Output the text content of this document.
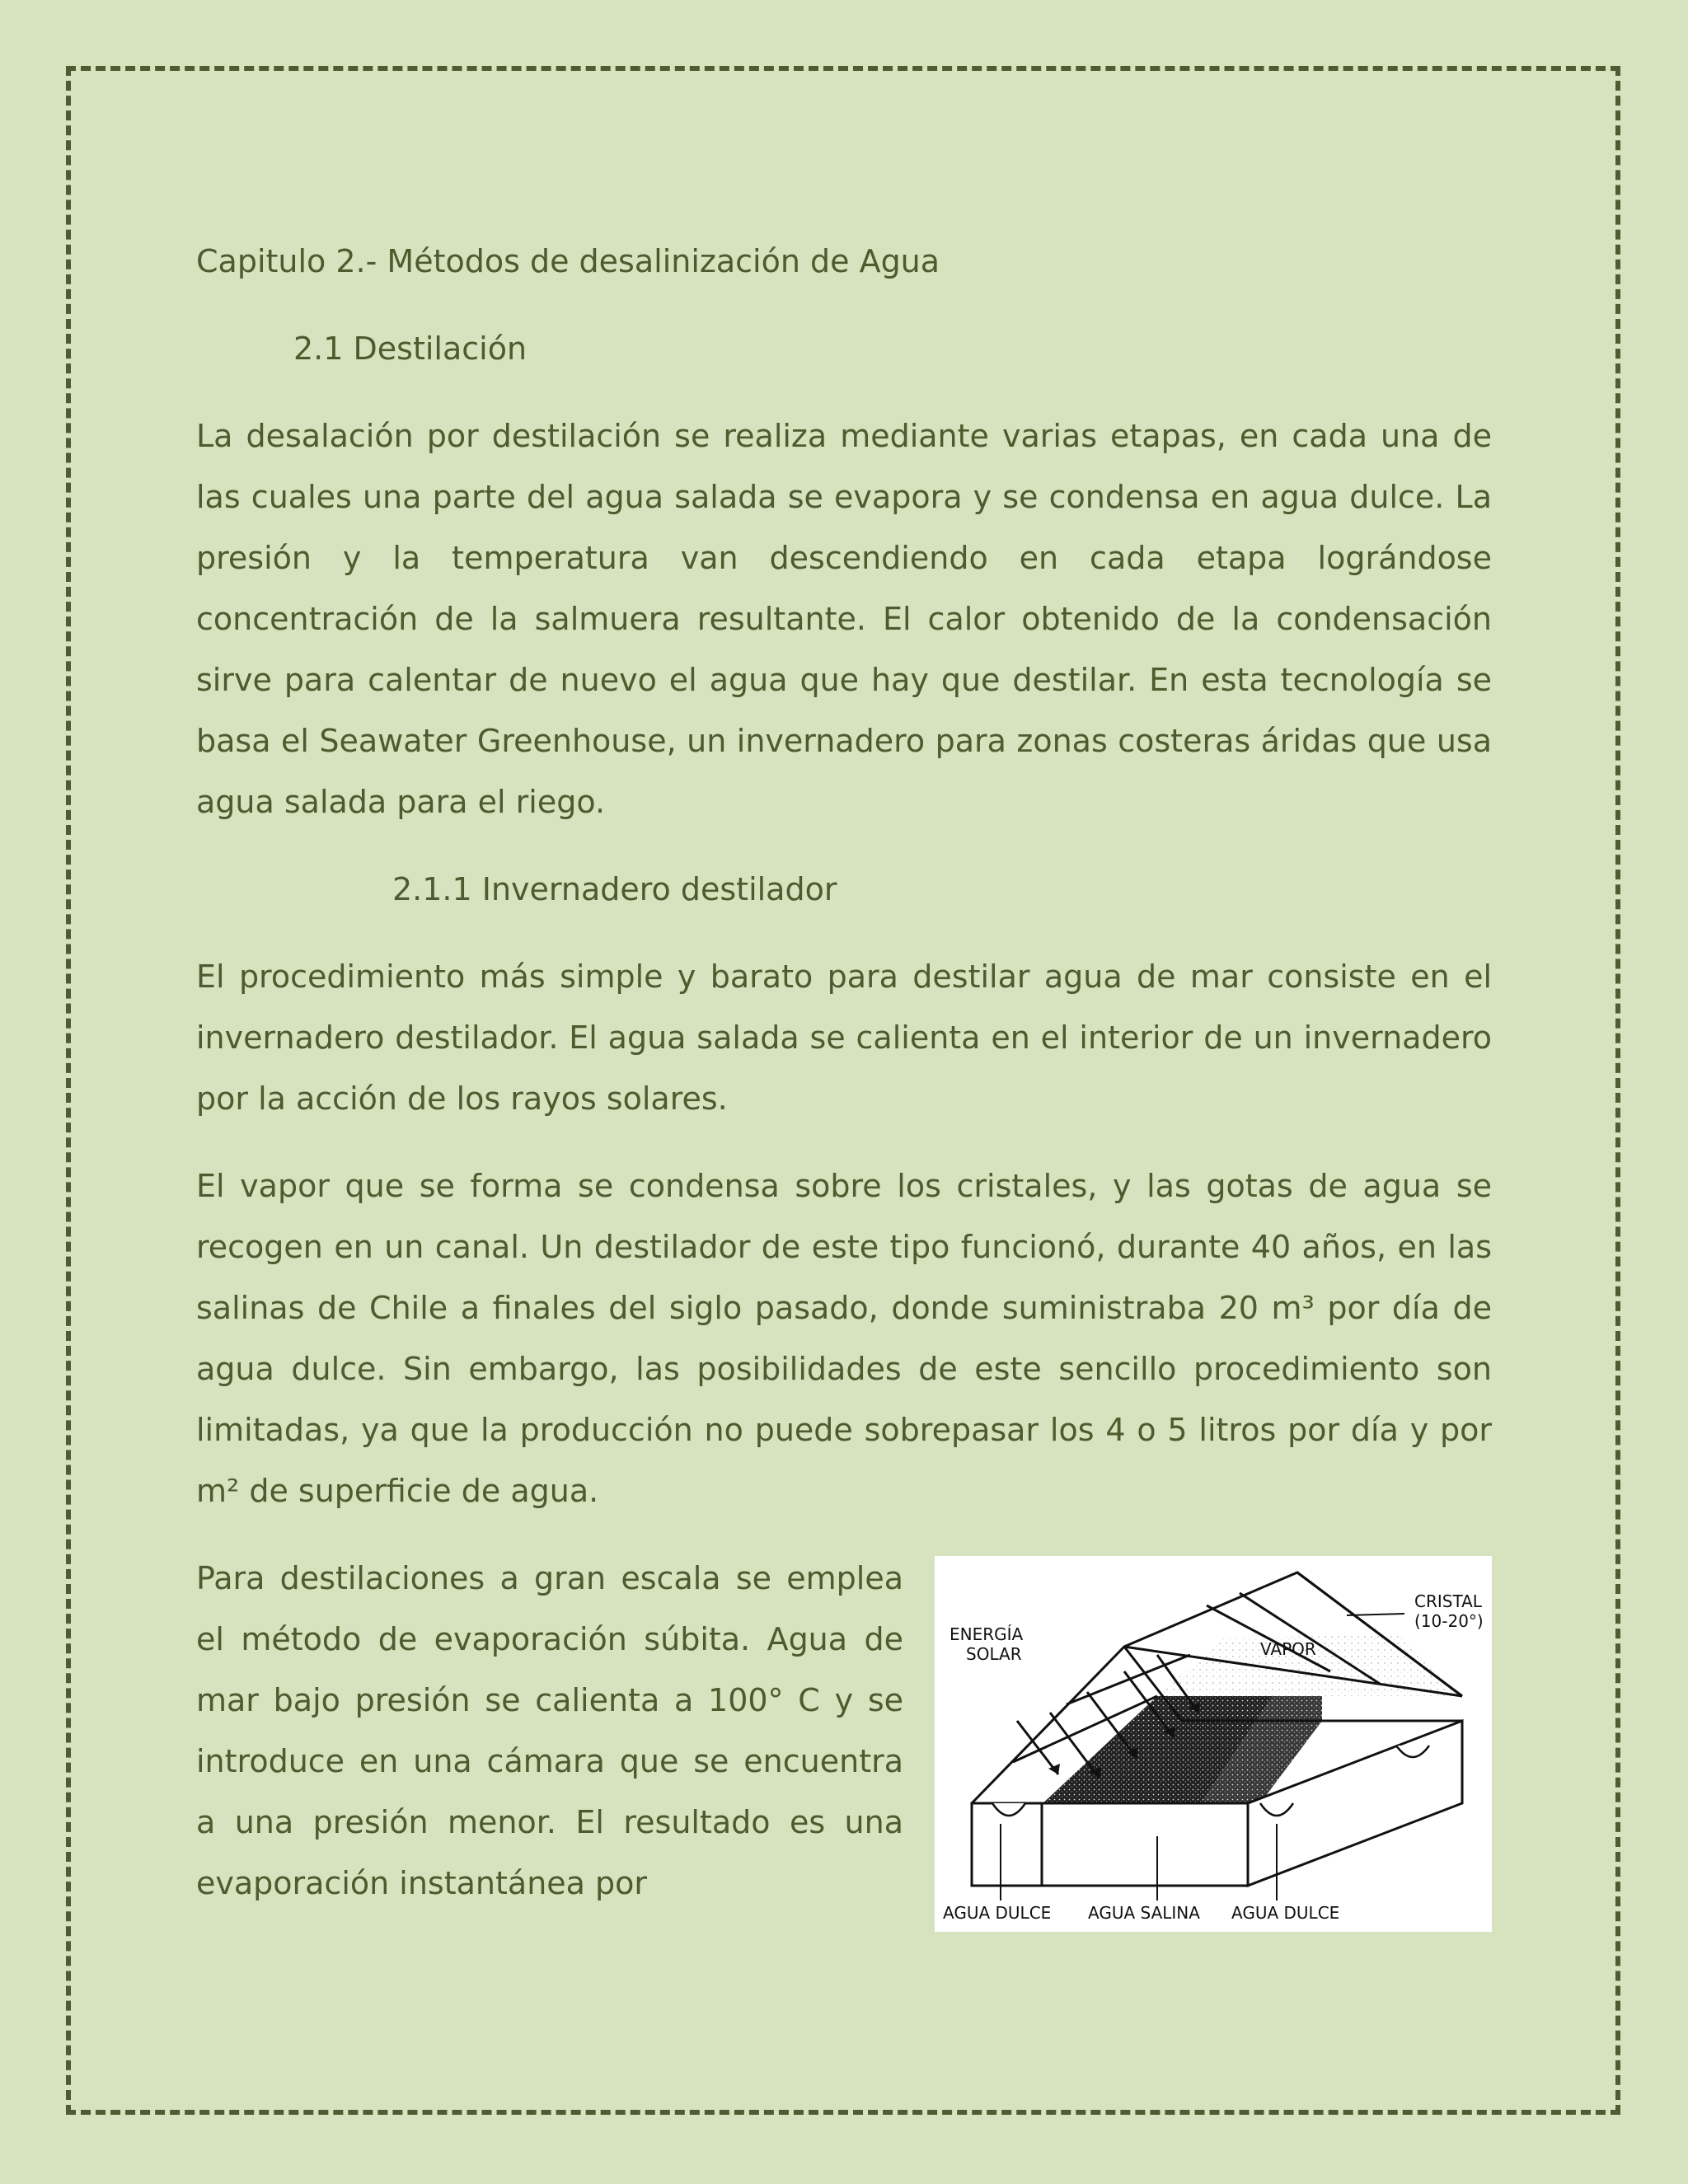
Capitulo 2.- Métodos de desalinización de Agua
2.1 Destilación

La desalación por destilación se realiza mediante varias etapas, en cada una de las cuales una parte del agua salada se evapora y se condensa en agua dulce. La presión y la temperatura van descendiendo en cada etapa lográndose concentración de la salmuera resultante. El calor obtenido de la condensación sirve para calentar de nuevo el agua que hay que destilar. En esta tecnología se basa el Seawater Greenhouse, un invernadero para zonas costeras áridas que usa agua salada para el riego.

2.1.1 Invernadero destilador

El procedimiento más simple y barato para destilar agua de mar consiste en el invernadero destilador. El agua salada se calienta en el interior de un invernadero por la acción de los rayos solares.

El vapor que se forma se condensa sobre los cristales, y las gotas de agua se recogen en un canal. Un destilador de este tipo funcionó, durante 40 años, en las salinas de Chile a finales del siglo pasado, donde suministraba 20 m³ por día de agua dulce. Sin embargo, las posibilidades de este sencillo procedimiento son limitadas, ya que la producción no puede sobrepasar los 4 o 5 litros por día y por m² de superficie de agua.

ENERGÍA
SOLAR	VAPOR
CRISTAL
(10-20°)
AGUA DULCE AGUA SALINA AGUA DULCE

Para destilaciones a gran escala se emplea el método de evaporación súbita. Agua de mar bajo presión se calienta a 100° C y se introduce en una cámara que se encuentra a una presión menor. El resultado es una evaporación instantánea por
